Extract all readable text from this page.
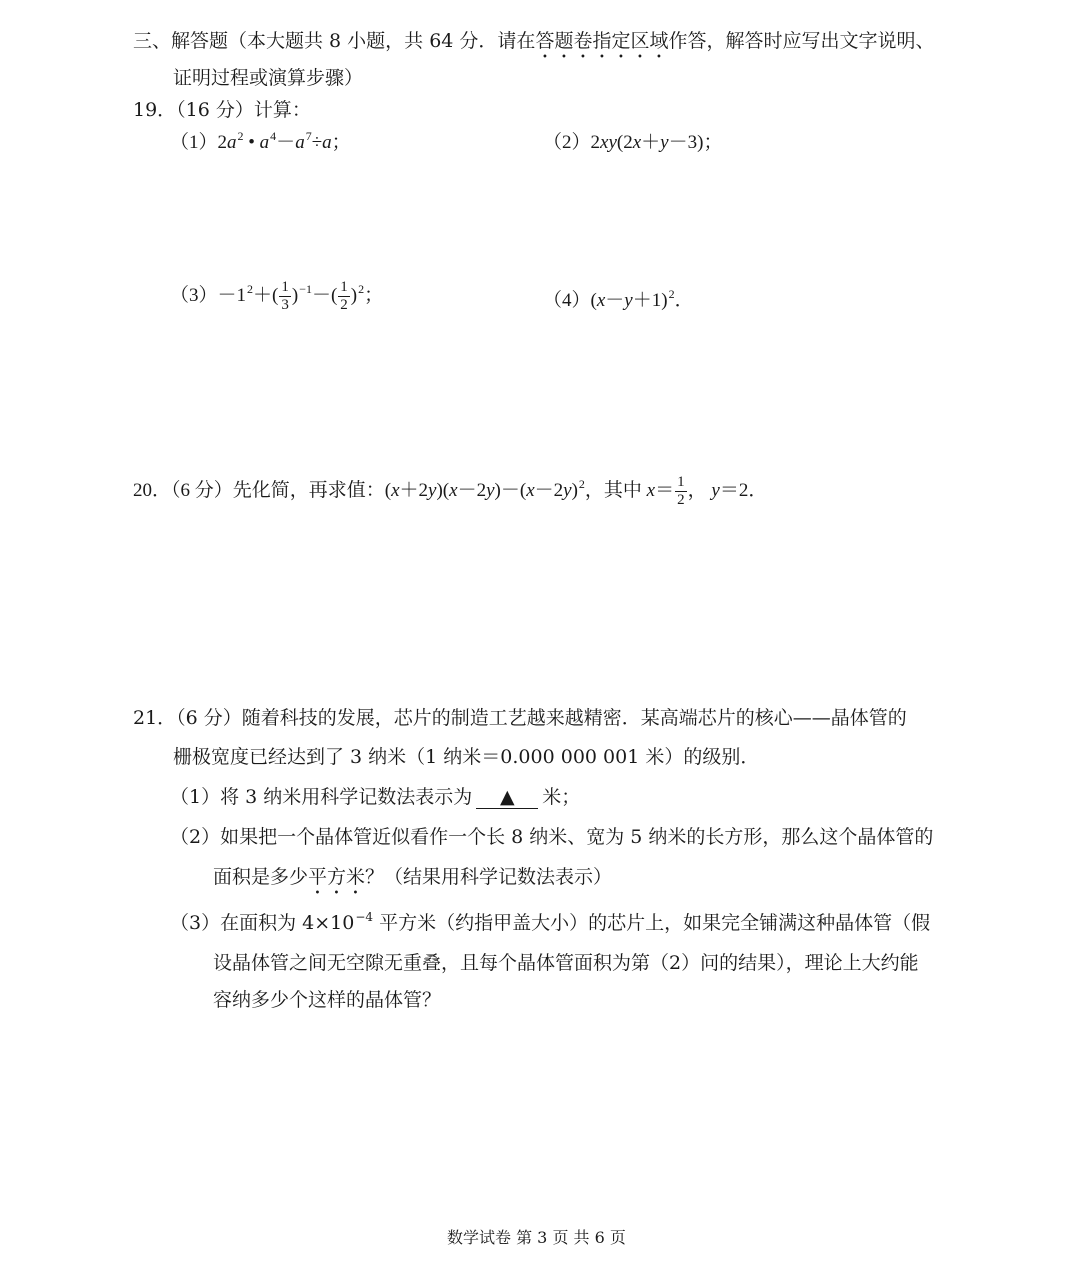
三、解答题（本大题共 8 小题，共 64 分．请在答题卷指定区域作答，解答时应写出文字说明、
证明过程或演算步骤）
19．（16 分）计算：
$(1)2a^2$ • $a^4-a^7\div a$；	（2）2xy(2x＋y－3)；
$(3)-1^2+( \frac{1}{3} )^{-1}-( \frac{1}{2} )^2$；	$(4)(x-y+1)^2$．
20．（6 分）先化简，再求值：$(x+2y)(x-2y)-(x-2y)^2$，其中 $x= \frac{1}{2}$ ， y＝2．
21．（6 分）随着科技的发展，芯片的制造工艺越来越精密．某高端芯片的核心——晶体管的
栅极宽度已经达到了 3 纳米（1 纳米＝0.000 000 001 米）的级别．
（1）将 3 纳米用科学记数法表示为 ▲ 米；
（2）如果把一个晶体管近似看作一个长 8 纳米、宽为 5 纳米的长方形，那么这个晶体管的
面积是多少平方米？（结果用科学记数法表示）
（3）在面积为 $4\times 10^{-4}$ 平方米（约指甲盖大小）的芯片上，如果完全铺满这种晶体管（假
设晶体管之间无空隙无重叠，且每个晶体管面积为第（2）问的结果），理论上大约能
容纳多少个这样的晶体管？
数学试卷 第 3 页 共 6 页
